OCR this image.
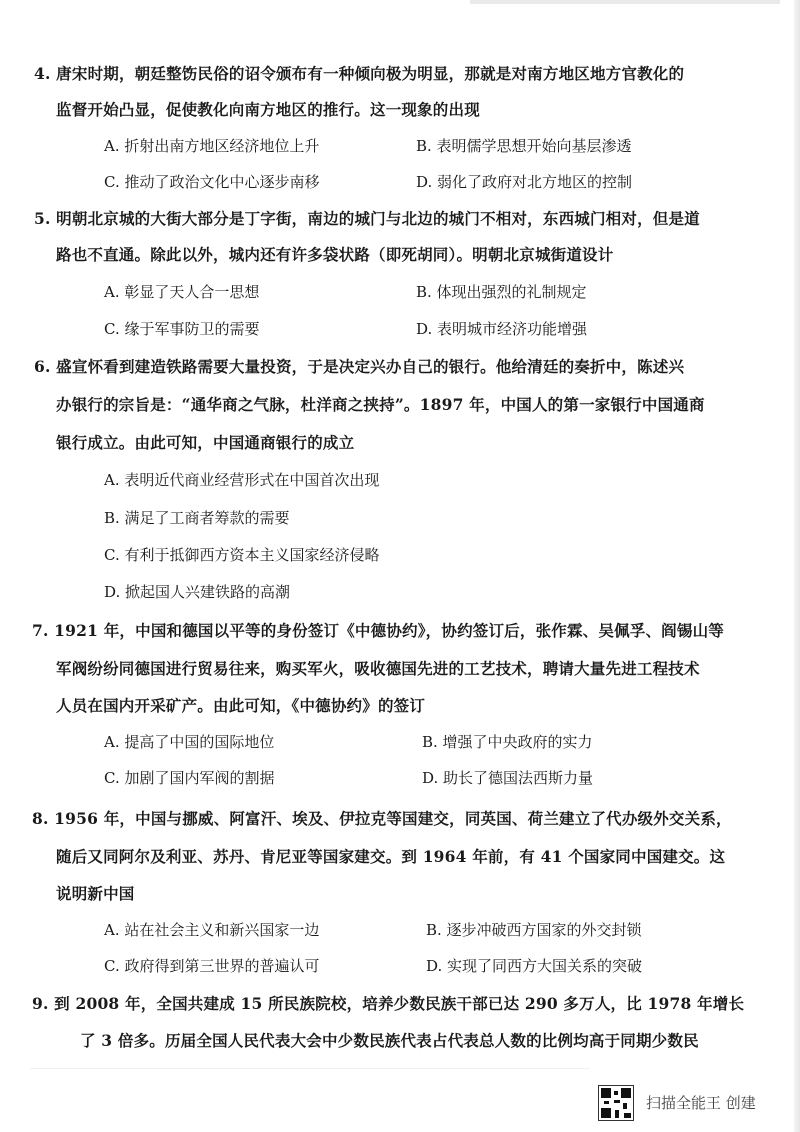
4. 唐宋时期，朝廷整饬民俗的诏令颁布有一种倾向极为明显，那就是对南方地区地方官教化的
监督开始凸显，促使教化向南方地区的推行。这一现象的出现
A. 折射出南方地区经济地位上升	B. 表明儒学思想开始向基层渗透
C. 推动了政治文化中心逐步南移	D. 弱化了政府对北方地区的控制
5. 明朝北京城的大街大部分是丁字街，南边的城门与北边的城门不相对，东西城门相对，但是道
路也不直通。除此以外，城内还有许多袋状路（即死胡同）。明朝北京城街道设计
A. 彰显了天人合一思想	B. 体现出强烈的礼制规定
C. 缘于军事防卫的需要	D. 表明城市经济功能增强
6. 盛宣怀看到建造铁路需要大量投资，于是决定兴办自己的银行。他给清廷的奏折中，陈述兴
办银行的宗旨是：“通华商之气脉，杜洋商之挟持”。1897 年，中国人的第一家银行中国通商
银行成立。由此可知，中国通商银行的成立
A. 表明近代商业经营形式在中国首次出现
B. 满足了工商者筹款的需要
C. 有利于抵御西方资本主义国家经济侵略
D. 掀起国人兴建铁路的高潮
7. 1921 年，中国和德国以平等的身份签订《中德协约》，协约签订后，张作霖、吴佩孚、阎锡山等
军阀纷纷同德国进行贸易往来，购买军火，吸收德国先进的工艺技术，聘请大量先进工程技术
人员在国内开采矿产。由此可知，《中德协约》的签订
A. 提高了中国的国际地位	B. 增强了中央政府的实力
C. 加剧了国内军阀的割据	D. 助长了德国法西斯力量
8. 1956 年，中国与挪威、阿富汗、埃及、伊拉克等国建交，同英国、荷兰建立了代办级外交关系，
随后又同阿尔及利亚、苏丹、肯尼亚等国家建交。到 1964 年前，有 41 个国家同中国建交。这
说明新中国
A. 站在社会主义和新兴国家一边	B. 逐步冲破西方国家的外交封锁
C. 政府得到第三世界的普遍认可	D. 实现了同西方大国关系的突破
9. 到 2008 年，全国共建成 15 所民族院校，培养少数民族干部已达 290 多万人，比 1978 年增长
了 3 倍多。历届全国人民代表大会中少数民族代表占代表总人数的比例均高于同期少数民
扫描全能王 创建
